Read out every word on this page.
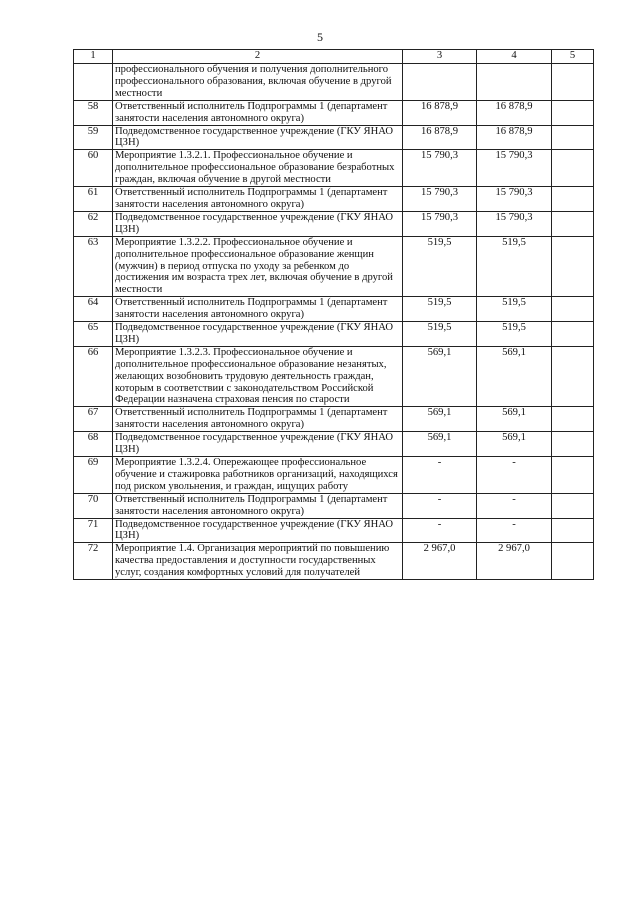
5
1	2	3	4	5
	профессионального обучения и получения дополнительного профессионального образования, включая обучение в другой местности			
58	Ответственный исполнитель Подпрограммы 1 (департамент занятости населения автономного округа)	16 878,9	16 878,9	
59	Подведомственное государственное учреждение (ГКУ ЯНАО ЦЗН)	16 878,9	16 878,9	
60	Мероприятие 1.3.2.1. Профессиональное обучение и дополнительное профессиональное образование безработных граждан, включая обучение в другой местности	15 790,3	15 790,3	
61	Ответственный исполнитель Подпрограммы 1 (департамент занятости населения автономного округа)	15 790,3	15 790,3	
62	Подведомственное государственное учреждение (ГКУ ЯНАО ЦЗН)	15 790,3	15 790,3	
63	Мероприятие 1.3.2.2. Профессиональное обучение и дополнительное профессиональное образование женщин (мужчин) в период отпуска по уходу за ребенком до достижения им возраста трех лет, включая обучение в другой местности	519,5	519,5	
64	Ответственный исполнитель Подпрограммы 1 (департамент занятости населения автономного округа)	519,5	519,5	
65	Подведомственное государственное учреждение (ГКУ ЯНАО ЦЗН)	519,5	519,5	
66	Мероприятие 1.3.2.3. Профессиональное обучение и дополнительное профессиональное образование незанятых, желающих возобновить трудовую деятельность граждан, которым в соответствии с законодательством Российской Федерации назначена страховая пенсия по старости	569,1	569,1	
67	Ответственный исполнитель Подпрограммы 1 (департамент занятости населения автономного округа)	569,1	569,1	
68	Подведомственное государственное учреждение (ГКУ ЯНАО ЦЗН)	569,1	569,1	
69	Мероприятие 1.3.2.4. Опережающее профессиональное обучение и стажировка работников организаций, находящихся под риском увольнения, и граждан, ищущих работу	-	-	
70	Ответственный исполнитель Подпрограммы 1 (департамент занятости населения автономного округа)	-	-	
71	Подведомственное государственное учреждение (ГКУ ЯНАО ЦЗН)	-	-	
72	Мероприятие 1.4. Организация мероприятий по повышению качества предоставления и доступности государственных услуг, создания комфортных условий для получателей	2 967,0	2 967,0	
